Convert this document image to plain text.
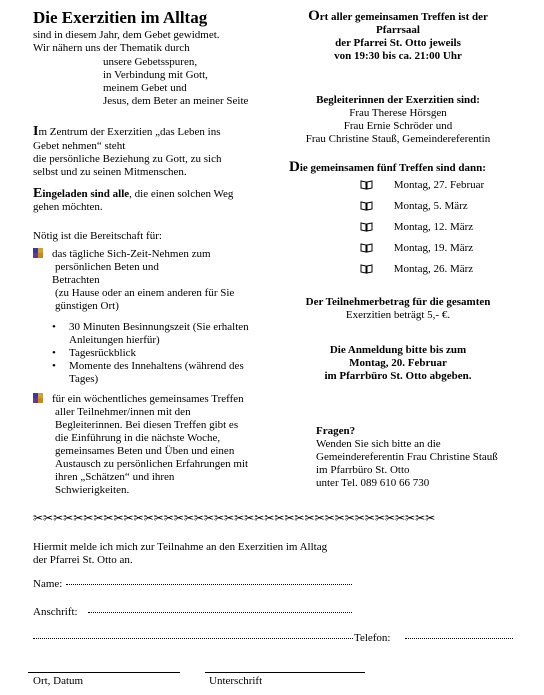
Die Exerzitien im Alltag
sind in diesem Jahr, dem Gebet gewidmet.
Wir nähern uns der Thematik durch
unsere Gebetsspuren,
in Verbindung mit Gott,
meinem Gebet und
Jesus, dem Beter an meiner Seite
Im Zentrum der Exerzitien „das Leben ins
Gebet nehmen“ steht
die persönliche Beziehung zu Gott, zu sich
selbst und zu seinen Mitmenschen.
Eingeladen sind alle, die einen solchen Weg
gehen möchten.
Nötig ist die Bereitschaft für:
das tägliche Sich-Zeit-Nehmen zum
persönlichen Beten und
Betrachten
(zu Hause oder an einem anderen für Sie
günstigen Ort)
• 30 Minuten Besinnungszeit (Sie erhalten
Anleitungen hierfür)
• Tagesrückblick
• Momente des Innehaltens (während des
Tages)
für ein wöchentliches gemeinsames Treffen
aller Teilnehmer/innen mit den
Begleiterinnen. Bei diesen Treffen gibt es
die Einführung in die nächste Woche,
gemeinsames Beten und Üben und einen
Austausch zu persönlichen Erfahrungen mit
ihren „Schätzen“ und ihren
Schwierigkeiten.
Ort aller gemeinsamen Treffen ist der
Pfarrsaal
der Pfarrei St. Otto jeweils
von 19:30 bis ca. 21:00 Uhr
Begleiterinnen der Exerzitien sind:
Frau Therese Hörsgen
Frau Ernie Schröder und
Frau Christine Stauß, Gemeindereferentin
Die gemeinsamen fünf Treffen sind dann:
Montag, 27. Februar
Montag, 5. März
Montag, 12. März
Montag, 19. März
Montag, 26. März
Der Teilnehmerbetrag für die gesamten
Exerzitien beträgt 5,- €.
Die Anmeldung bitte bis zum
Montag, 20. Februar
im Pfarrbüro St. Otto abgeben.
Fragen?
Wenden Sie sich bitte an die
Gemeindereferentin Frau Christine Stauß
im Pfarrbüro St. Otto
unter Tel. 089 610 66 730
✂✂✂✂✂✂✂✂✂✂✂✂✂✂✂✂✂✂✂✂✂✂✂✂✂✂✂✂✂✂✂✂✂✂✂✂✂✂✂✂
Hiermit melde ich mich zur Teilnahme an den Exerzitien im Alltag
der Pfarrei St. Otto an.
Name:
Anschrift:
Telefon:
Ort, Datum	Unterschrift
